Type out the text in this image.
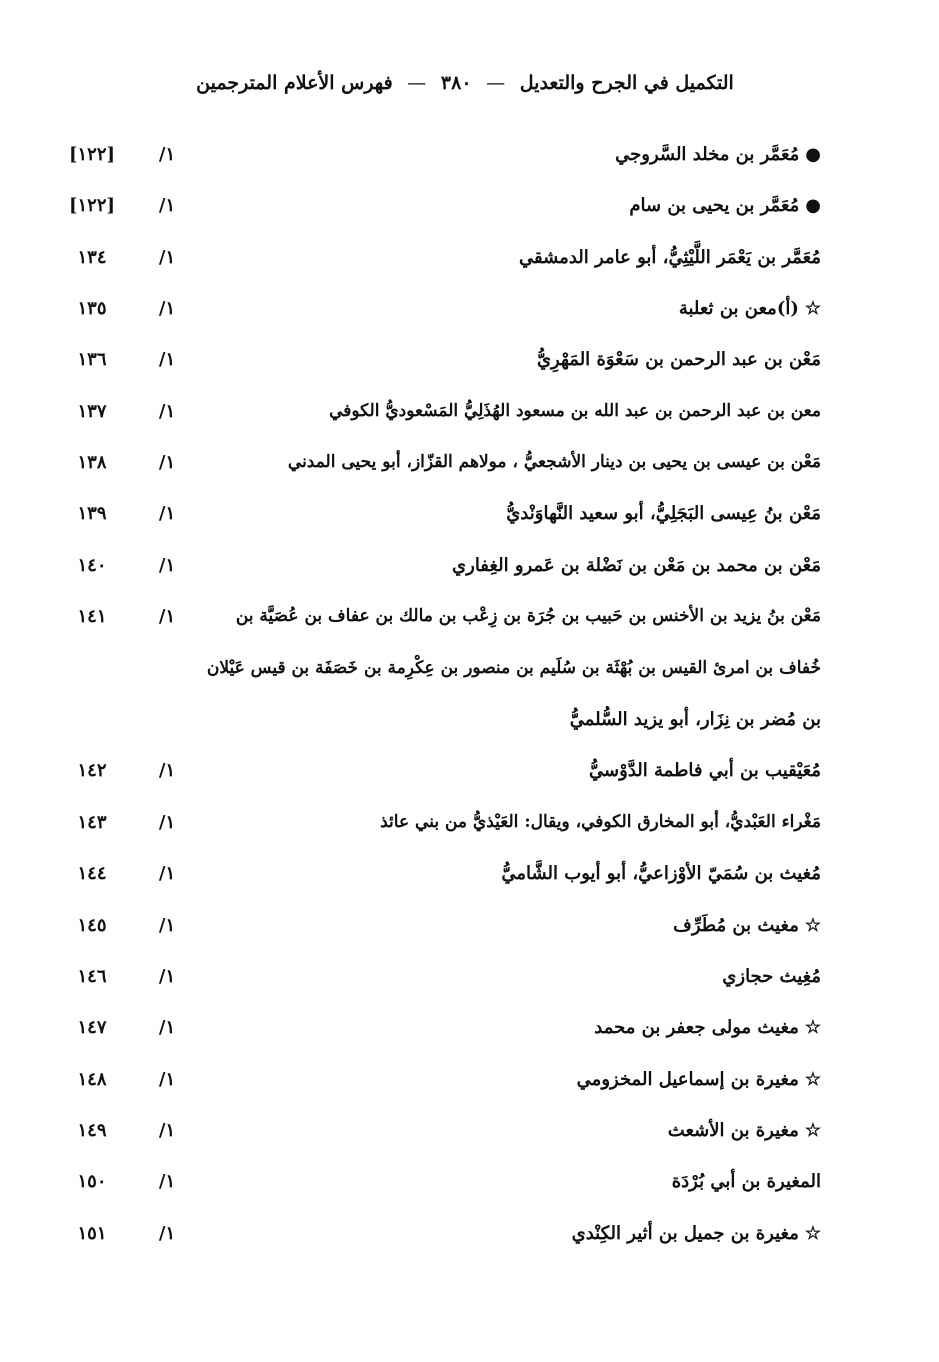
التكميل في الجرح والتعديل — ٣٨٠ — فهرس الأعلام المترجمين
●مُعَمَّر بن مخلد السَّروجي
/١
[١٢٢]
●مُعَمَّر بن يحيى بن سام
/١
[١٢٢]
مُعَمَّر بن يَعْمَر اللَّيْثِيُّ، أبو عامر الدمشقي
/١
١٣٤
☆(أ)معن بن ثعلبة
/١
١٣٥
مَعْن بن عبد الرحمن بن سَعْوَة المَهْرِيُّ
/١
١٣٦
معن بن عبد الرحمن بن عبد الله بن مسعود الهُذَلِيُّ المَسْعوديُّ الكوفي
/١
١٣٧
مَعْن بن عيسى بن يحيى بن دينار الأشجعيُّ ، مولاهم القزّاز، أبو يحيى المدني
/١
١٣٨
مَعْن بنُ عِيسى البَجَلِيُّ، أبو سعيد النَّهاوَنْديُّ
/١
١٣٩
مَعْن بن محمد بن مَعْن بن نَضْلة بن عَمرو الغِفاري
/١
١٤٠
مَعْن بنُ يزيد بن الأخنس بن حَبيب بن جُرَة بن زِعْب بن مالك بن عفاف بن عُصَيَّة بن
/١
١٤١
خُفاف بن امرئ القيس بن بُهْثَة بن سُلَيم بن منصور بن عِكْرِمة بن خَصَفَة بن قيس عَيْلان
بن مُضر بن نِزَار، أبو يزيد السُّلميُّ
مُعَيْقيب بن أبي فاطمة الدَّوْسيُّ
/١
١٤٢
مَغْراء العَبْديُّ، أبو المخارق الكوفي، ويقال: العَيْذيُّ من بني عائذ
/١
١٤٣
مُغيث بن سُمَيّ الأوْزاعيُّ، أبو أيوب الشَّاميُّ
/١
١٤٤
☆مغيث بن مُطَرِّف
/١
١٤٥
مُغِيث حجازي
/١
١٤٦
☆مغيث مولى جعفر بن محمد
/١
١٤٧
☆مغيرة بن إسماعيل المخزومي
/١
١٤٨
☆مغيرة بن الأشعث
/١
١٤٩
المغيرة بن أبي بُرْدَة
/١
١٥٠
☆مغيرة بن جميل بن أثير الكِنْدي
/١
١٥١
